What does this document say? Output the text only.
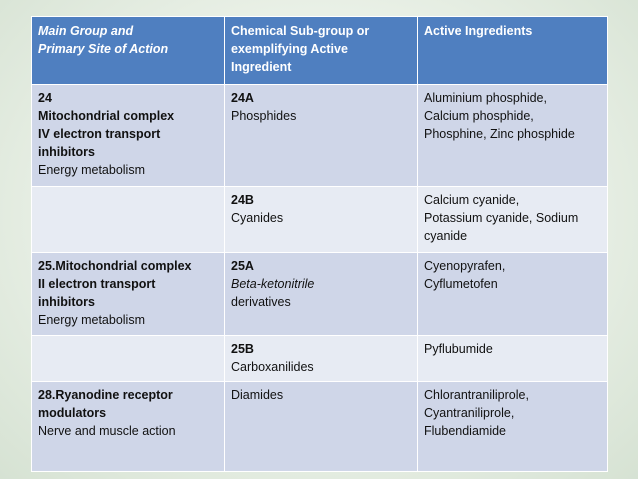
Main Group and
Primary Site of Action	Chemical Sub-group or
exemplifying Active
Ingredient	Active Ingredients

24
Mitochondrial complex
IV electron transport
inhibitors
Energy metabolism	24A
Phosphides	Aluminium phosphide,
Calcium phosphide,
Phosphine, Zinc phosphide

	24B
Cyanides	Calcium cyanide,
Potassium cyanide, Sodium
cyanide

25.Mitochondrial complex
II electron transport
inhibitors
Energy metabolism	25A
Beta-ketonitrile
derivatives	Cyenopyrafen,
Cyflumetofen

	25B
Carboxanilides	Pyflubumide

28.Ryanodine receptor
modulators
Nerve and muscle action	Diamides	Chlorantraniliprole,
Cyantraniliprole,
Flubendiamide
